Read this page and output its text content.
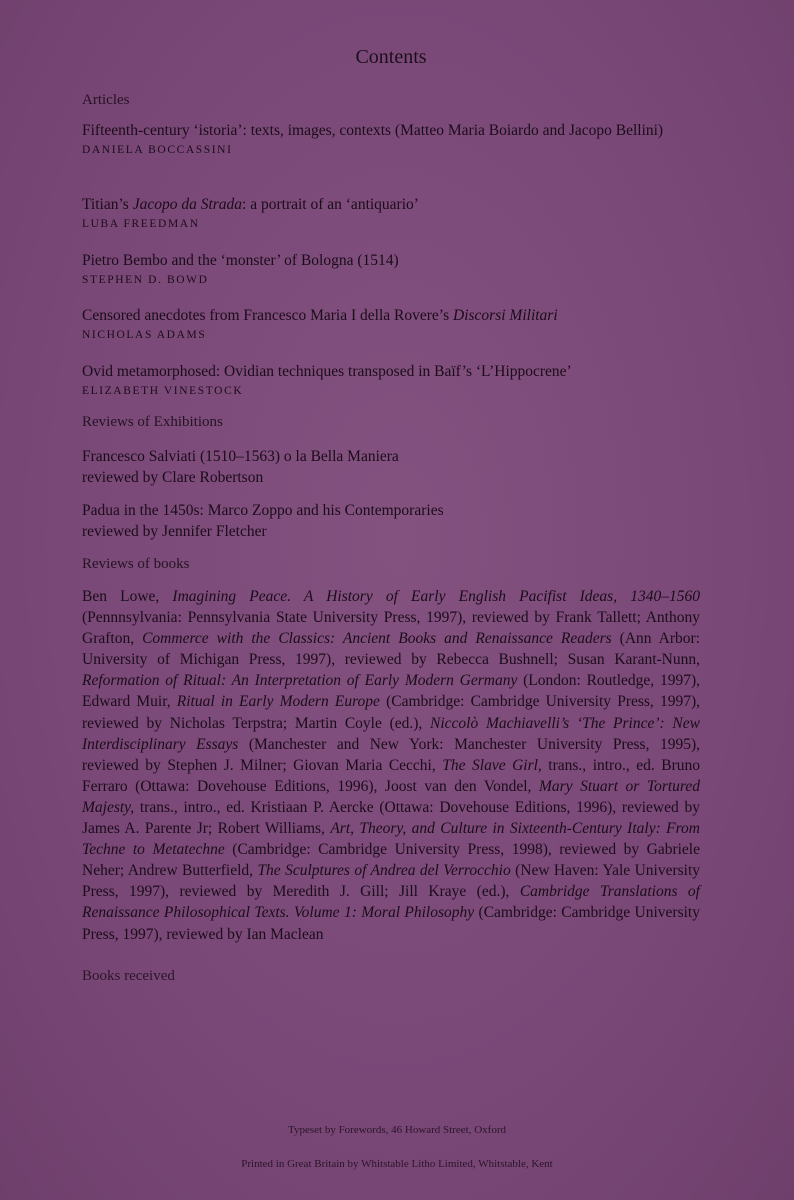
Contents
Articles
Fifteenth-century ‘istoria’: texts, images, contexts (Matteo Maria Boiardo and Jacopo Bellini)
DANIELA BOCCASSINI
Titian’s Jacopo da Strada: a portrait of an ‘antiquario’
LUBA FREEDMAN
Pietro Bembo and the ‘monster’ of Bologna (1514)
STEPHEN D. BOWD
Censored anecdotes from Francesco Maria I della Rovere’s Discorsi Militari
NICHOLAS ADAMS
Ovid metamorphosed: Ovidian techniques transposed in Baïf’s ‘L’Hippocrene’
ELIZABETH VINESTOCK
Reviews of Exhibitions
Francesco Salviati (1510–1563) o la Bella Maniera
reviewed by Clare Robertson
Padua in the 1450s: Marco Zoppo and his Contemporaries
reviewed by Jennifer Fletcher
Reviews of books
Ben Lowe, Imagining Peace. A History of Early English Pacifist Ideas, 1340–1560 (Pennnsylvania: Pennsylvania State University Press, 1997), reviewed by Frank Tallett; Anthony Grafton, Commerce with the Classics: Ancient Books and Renaissance Readers (Ann Arbor: University of Michigan Press, 1997), reviewed by Rebecca Bushnell; Susan Karant-Nunn, Reformation of Ritual: An Interpretation of Early Modern Germany (London: Routledge, 1997), Edward Muir, Ritual in Early Modern Europe (Cambridge: Cambridge University Press, 1997), reviewed by Nicholas Terpstra; Martin Coyle (ed.), Niccolò Machiavelli’s ‘The Prince’: New Interdisciplinary Essays (Manchester and New York: Manchester University Press, 1995), reviewed by Stephen J. Milner; Giovan Maria Cecchi, The Slave Girl, trans., intro., ed. Bruno Ferraro (Ottawa: Dovehouse Editions, 1996), Joost van den Vondel, Mary Stuart or Tortured Majesty, trans., intro., ed. Kristiaan P. Aercke (Ottawa: Dovehouse Editions, 1996), reviewed by James A. Parente Jr; Robert Williams, Art, Theory, and Culture in Sixteenth-Century Italy: From Techne to Metatechne (Cambridge: Cambridge University Press, 1998), reviewed by Gabriele Neher; Andrew Butterfield, The Sculptures of Andrea del Verrocchio (New Haven: Yale University Press, 1997), reviewed by Meredith J. Gill; Jill Kraye (ed.), Cambridge Translations of Renaissance Philosophical Texts. Volume 1: Moral Philosophy (Cambridge: Cambridge University Press, 1997), reviewed by Ian Maclean
Books received
Typeset by Forewords, 46 Howard Street, Oxford
Printed in Great Britain by Whitstable Litho Limited, Whitstable, Kent
